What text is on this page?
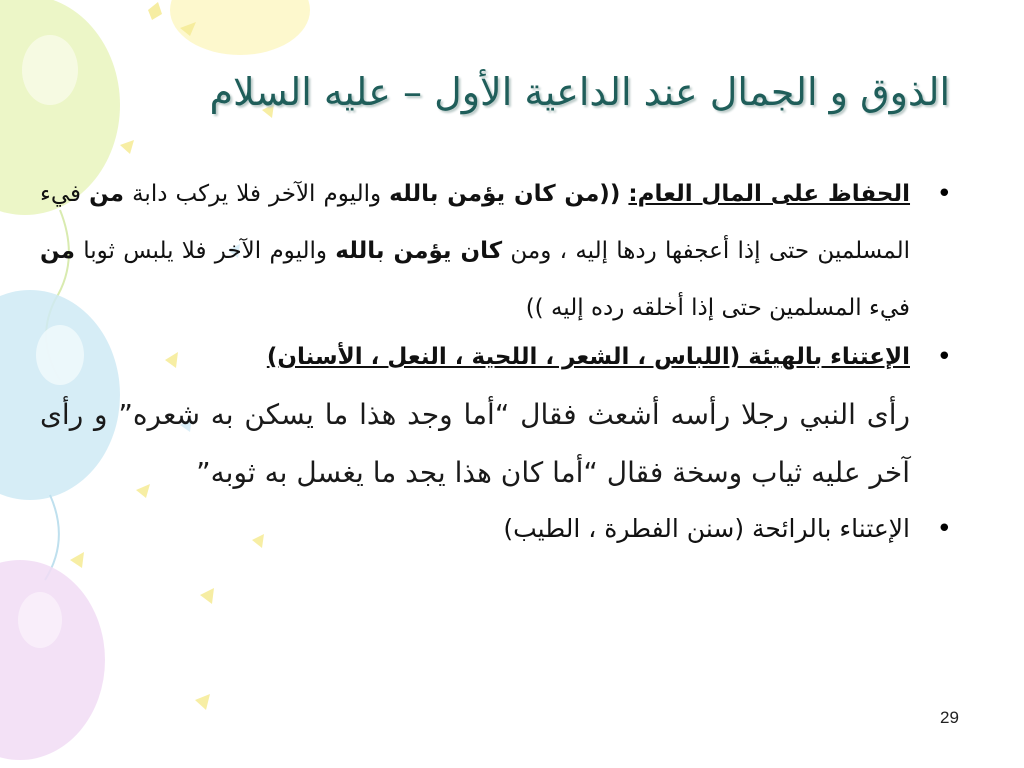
الذوق و الجمال عند الداعية الأول – عليه السلام
•
الحفاظ على المال العام: ((من كان يؤمن بالله واليوم الآخر فلا يركب دابة من فيء المسلمين حتى إذا أعجفها ردها إليه ، ومن كان يؤمن بالله واليوم الآخر فلا يلبس ثوبا من فيء المسلمين حتى إذا أخلقه رده إليه ))
•
الإعتناء بالهيئة (اللباس ، الشعر ، اللحية ، النعل ، الأسنان)
رأى النبي رجلا رأسه أشعث فقال “أما وجد هذا ما يسكن به شعره” و رأى آخر عليه ثياب وسخة فقال “أما كان هذا يجد ما يغسل به ثوبه”
•
الإعتناء بالرائحة (سنن الفطرة ، الطيب)
29
